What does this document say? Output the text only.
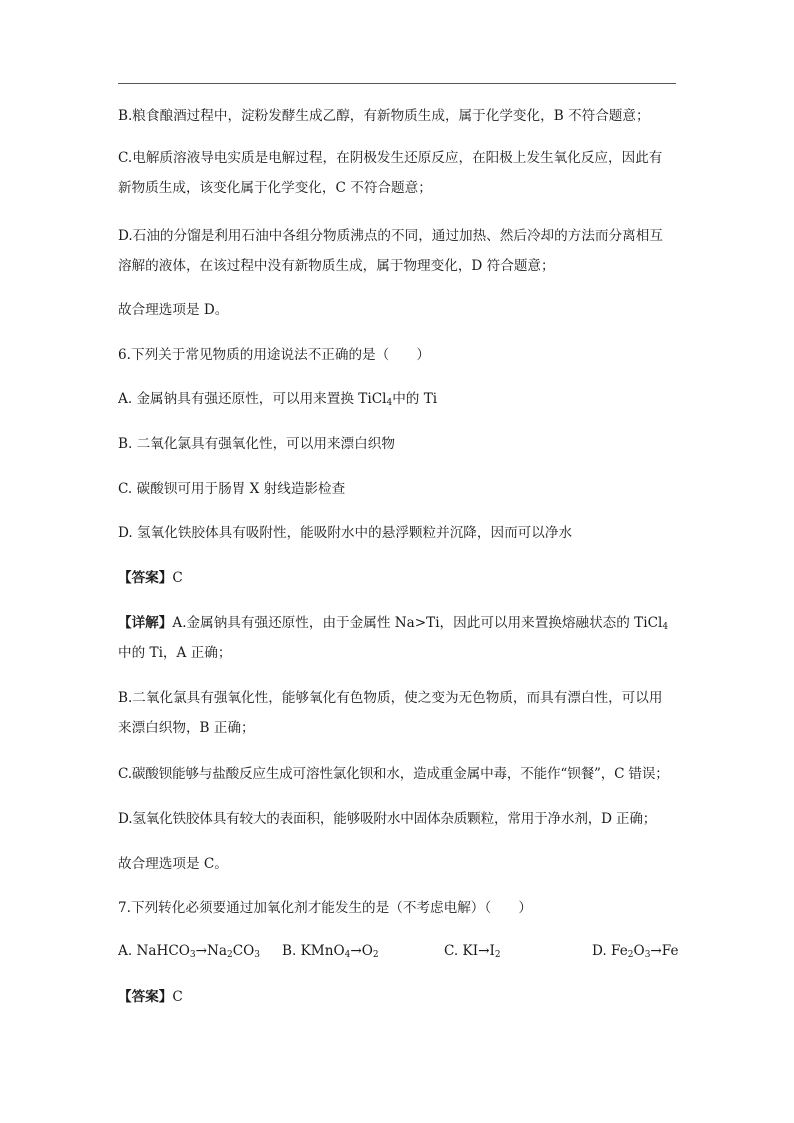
B.粮食酿酒过程中，淀粉发酵生成乙醇，有新物质生成，属于化学变化，B 不符合题意；
C.电解质溶液导电实质是电解过程，在阴极发生还原反应，在阳极上发生氧化反应，因此有
新物质生成，该变化属于化学变化，C 不符合题意；
D.石油的分馏是利用石油中各组分物质沸点的不同，通过加热、然后冷却的方法而分离相互
溶解的液体，在该过程中没有新物质生成，属于物理变化，D 符合题意；
故合理选项是 D。
6.下列关于常见物质的用途说法不正确的是（　　）
A. 金属钠具有强还原性，可以用来置换 TiCl$_4$中的 Ti
B. 二氧化氯具有强氧化性，可以用来漂白织物
C. 碳酸钡可用于肠胃 X 射线造影检查
D. 氢氧化铁胶体具有吸附性，能吸附水中的悬浮颗粒并沉降，因而可以净水
【答案】C
【详解】A.金属钠具有强还原性，由于金属性 Na>Ti，因此可以用来置换熔融状态的 TiCl$_4$
中的 Ti，A 正确；
B.二氧化氯具有强氧化性，能够氧化有色物质，使之变为无色物质，而具有漂白性，可以用
来漂白织物，B 正确；
C.碳酸钡能够与盐酸反应生成可溶性氯化钡和水，造成重金属中毒，不能作“钡餐”，C 错误；
D.氢氧化铁胶体具有较大的表面积，能够吸附水中固体杂质颗粒，常用于净水剂，D 正确；
故合理选项是 C。
7.下列转化必须要通过加氧化剂才能发生的是（不考虑电解）（　　）
A. $NaHCO_3\to Na_2CO_3$ B. $KMnO_4\to O_2$	C. $KI\to I_2$	D. $Fe_2O_3\to Fe$
【答案】C
